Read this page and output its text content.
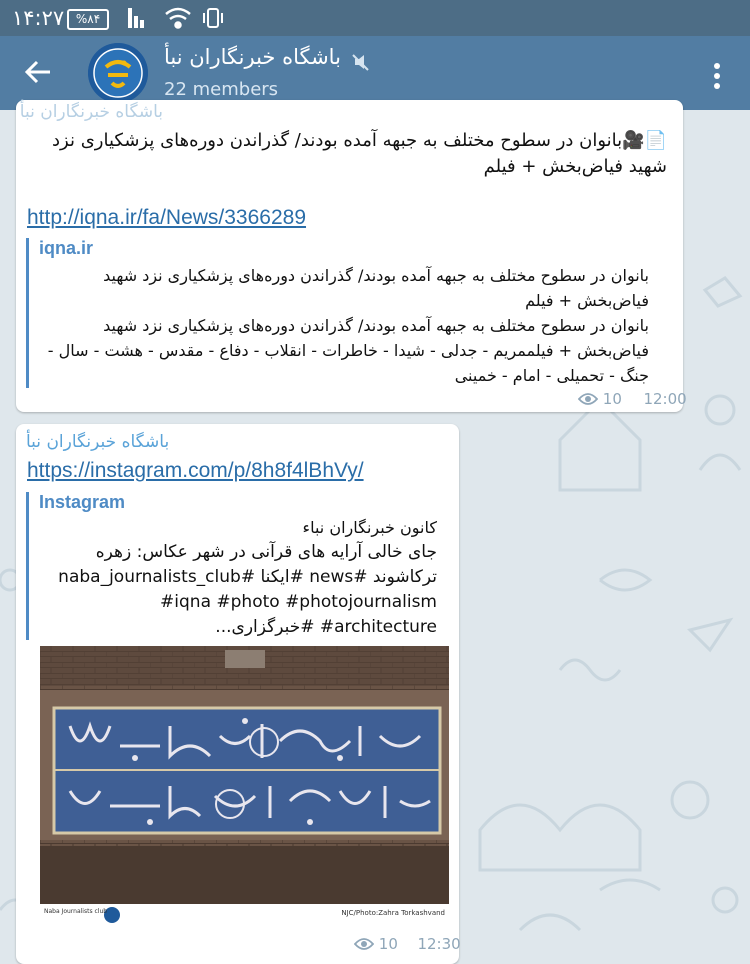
۱۴:۲۷ %۸۴
باشگاه خبرنگاران نبأ
22 members
باشگاه خبرنگاران نبأ
📄🎥بانوان در سطوح مختلف به جبهه آمده بودند/ گذراندن دوره‌های پزشکیاری نزد شهید فیاض‌بخش + فیلم
http://iqna.ir/fa/News/3366289
iqna.ir
بانوان در سطوح مختلف به جبهه آمده بودند/ گذراندن دوره‌های پزشکیاری نزد شهید فیاض‌بخش + فیلم
بانوان در سطوح مختلف به جبهه آمده بودند/ گذراندن دوره‌های پزشکیاری نزد شهید فیاض‌بخش + فیلممریم - جدلی - شیدا - خاطرات - انقلاب - دفاع - مقدس - هشت - سال - جنگ - تحمیلی - امام - خمینی
10 12:00
باشگاه خبرنگاران نبأ
https://instagram.com/p/8h8f4lBhVy/
Instagram
کانون خبرنگاران نباء
جای خالی آرایه های قرآنی در شهر عکاس: زهره ترکاشوند #news #ایکنا #naba_journalists_club #iqna #photo #photojournalism #architecture #خبرگزاری...
10 12:30
Naba Journalists club	NJC/Photo:Zahra Torkashvand
